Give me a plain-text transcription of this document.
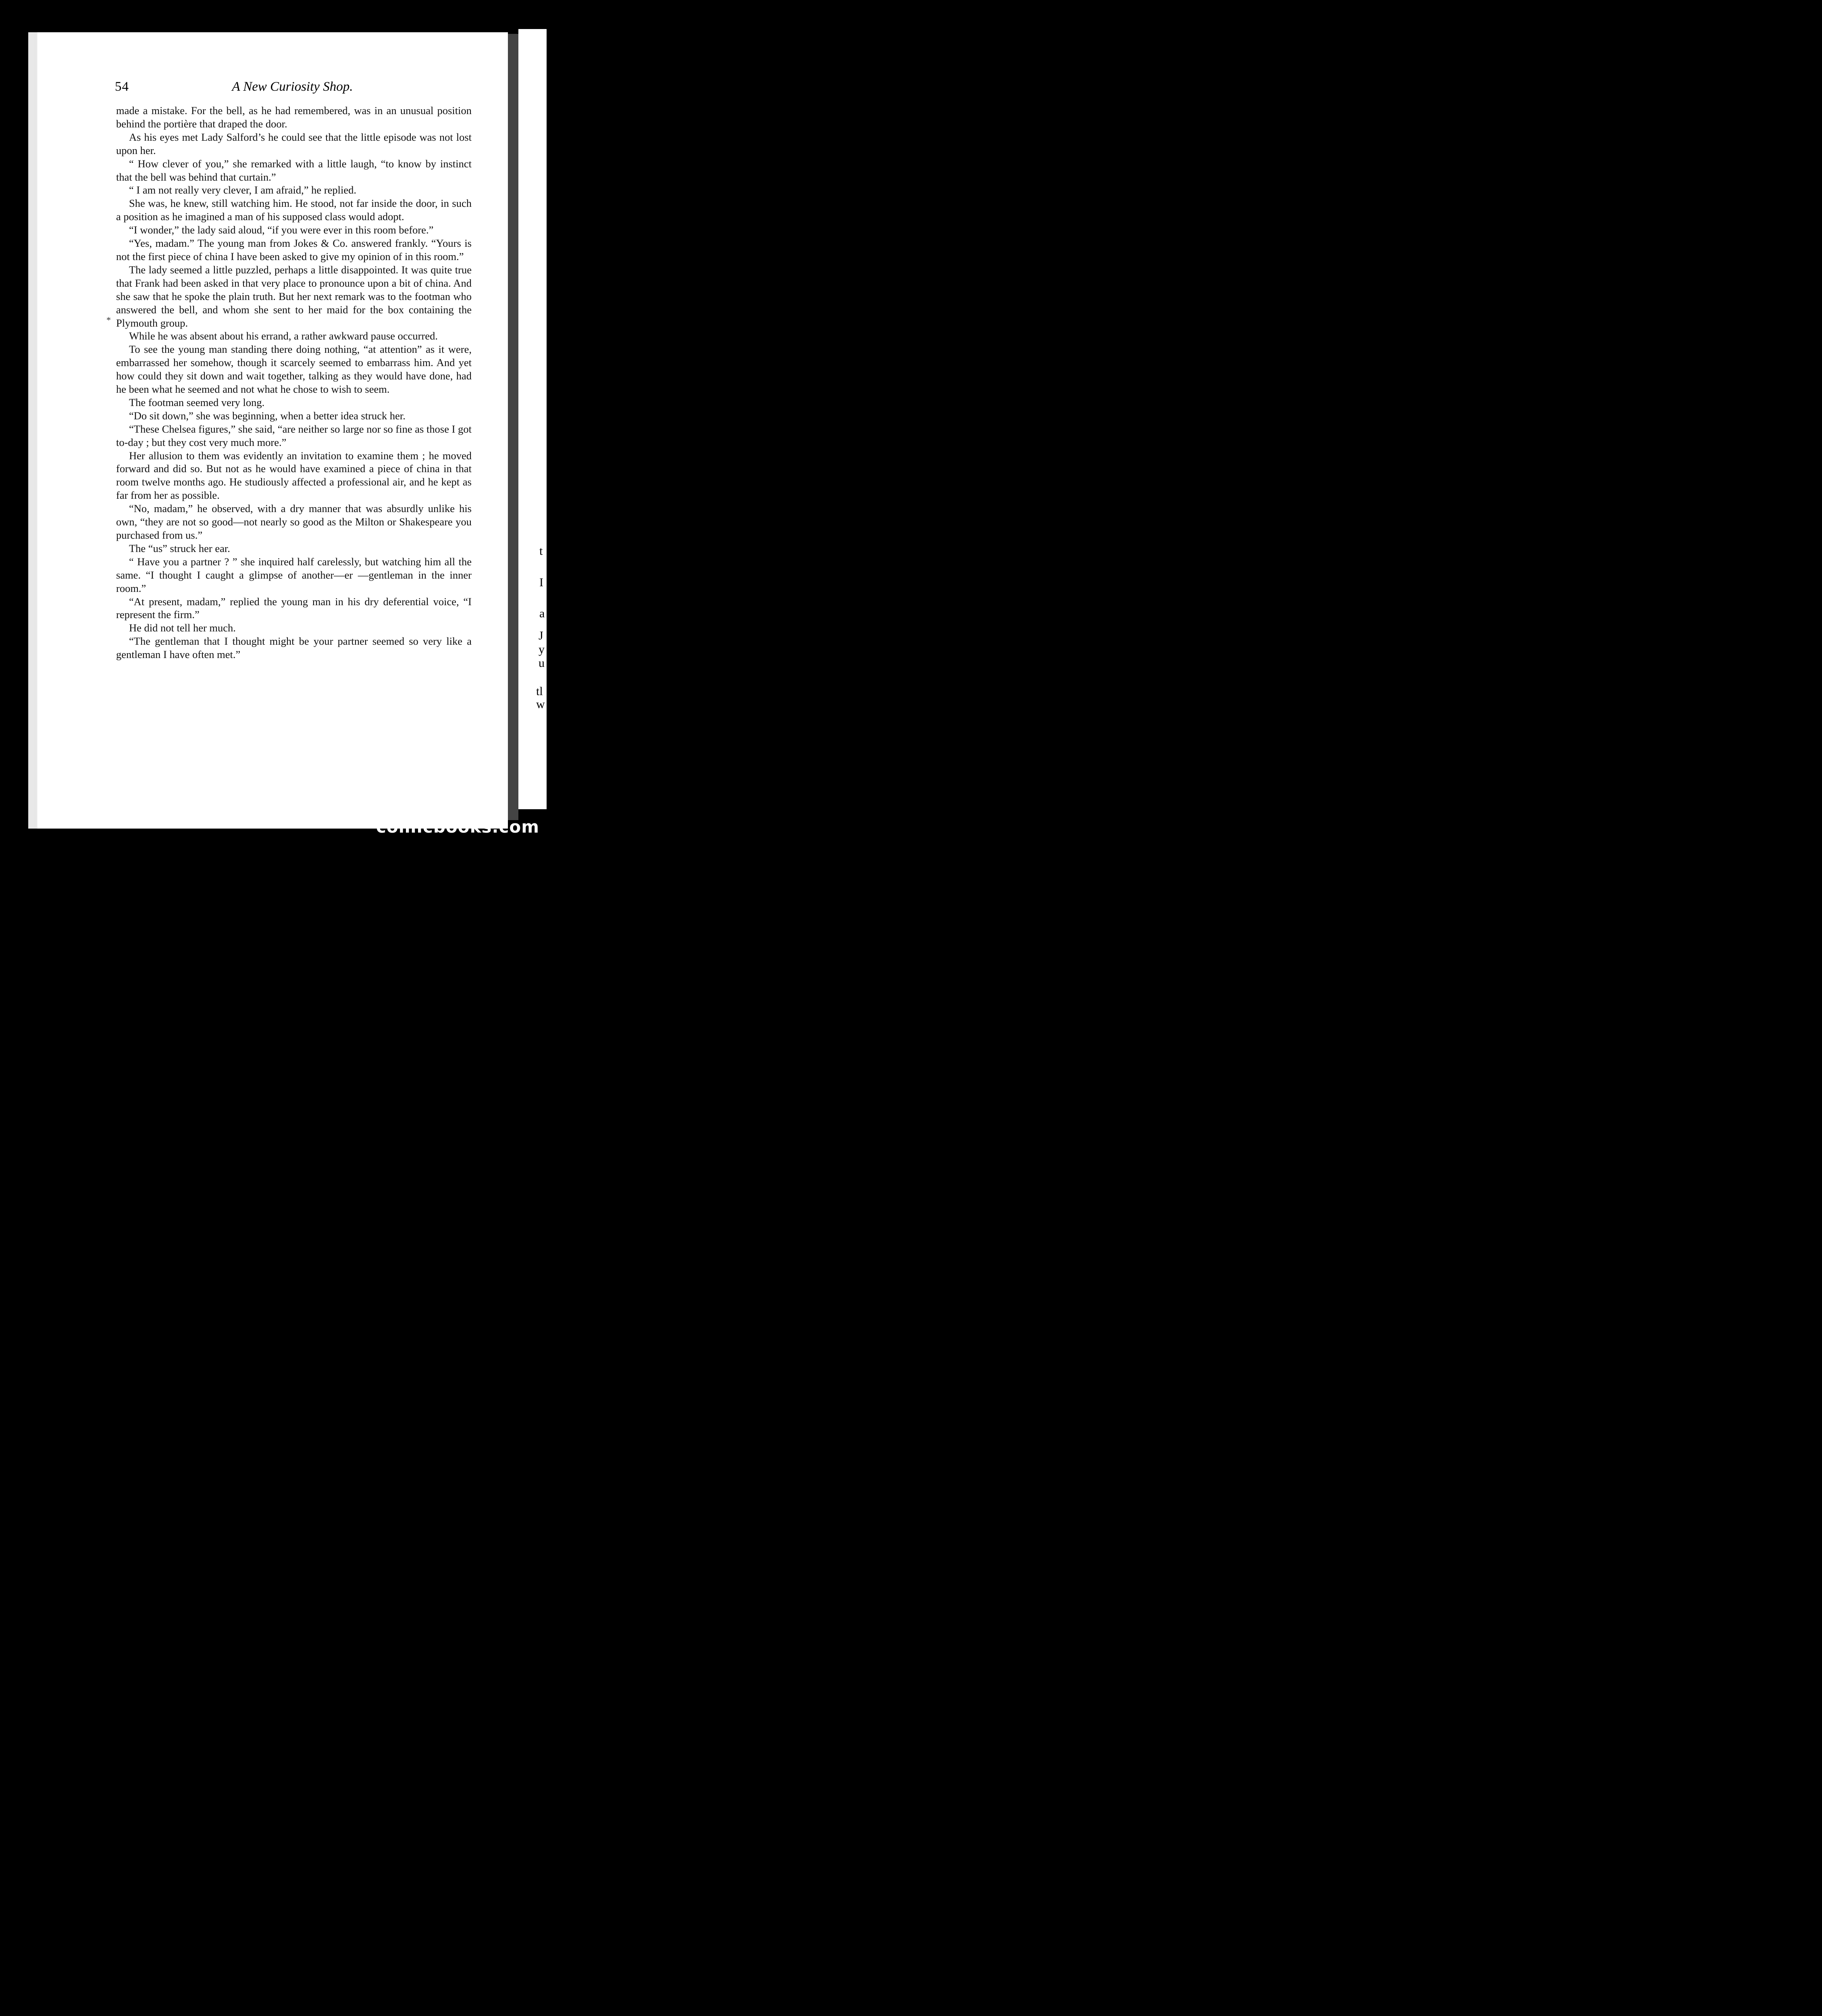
t
I
a
J
y
u
tl
w
54	A New Curiosity Shop.
*

made a mistake. For the bell, as he had remembered, was in an unusual position behind the portière that draped the door.

As his eyes met Lady Salford’s he could see that the little episode was not lost upon her.

“ How clever of you,” she remarked with a little laugh, “to know by instinct that the bell was behind that curtain.”

“ I am not really very clever, I am afraid,” he replied.

She was, he knew, still watching him. He stood, not far inside the door, in such a position as he imagined a man of his supposed class would adopt.

“I wonder,” the lady said aloud, “if you were ever in this room before.”

“Yes, madam.” The young man from Jokes & Co. answered frankly. “Yours is not the first piece of china I have been asked to give my opinion of in this room.”

The lady seemed a little puzzled, perhaps a little disappointed. It was quite true that Frank had been asked in that very place to pronounce upon a bit of china. And she saw that he spoke the plain truth. But her next remark was to the footman who answered the bell, and whom she sent to her maid for the box containing the Plymouth group.

While he was absent about his errand, a rather awkward pause occurred.

To see the young man standing there doing nothing, “at attention” as it were, embarrassed her somehow, though it scarcely seemed to embarrass him. And yet how could they sit down and wait together, talking as they would have done, had he been what he seemed and not what he chose to wish to seem.

The footman seemed very long.

“Do sit down,” she was beginning, when a better idea struck her.

“These Chelsea figures,” she said, “are neither so large nor so fine as those I got to-day ; but they cost very much more.”

Her allusion to them was evidently an invitation to examine them ; he moved forward and did so. But not as he would have examined a piece of china in that room twelve months ago. He studiously affected a professional air, and he kept as far from her as possible.

“No, madam,” he observed, with a dry manner that was absurdly unlike his own, “they are not so good—not nearly so good as the Milton or Shakespeare you purchased from us.”

The “us” struck her ear.

“ Have you a partner ? ” she inquired half carelessly, but watching him all the same. “I thought I caught a glimpse of another—er —gentleman in the inner room.”

“At present, madam,” replied the young man in his dry deferential voice, “I represent the firm.”

He did not tell her much.

“The gentleman that I thought might be your partner seemed so very like a gentleman I have often met.”

comicbooks.com
